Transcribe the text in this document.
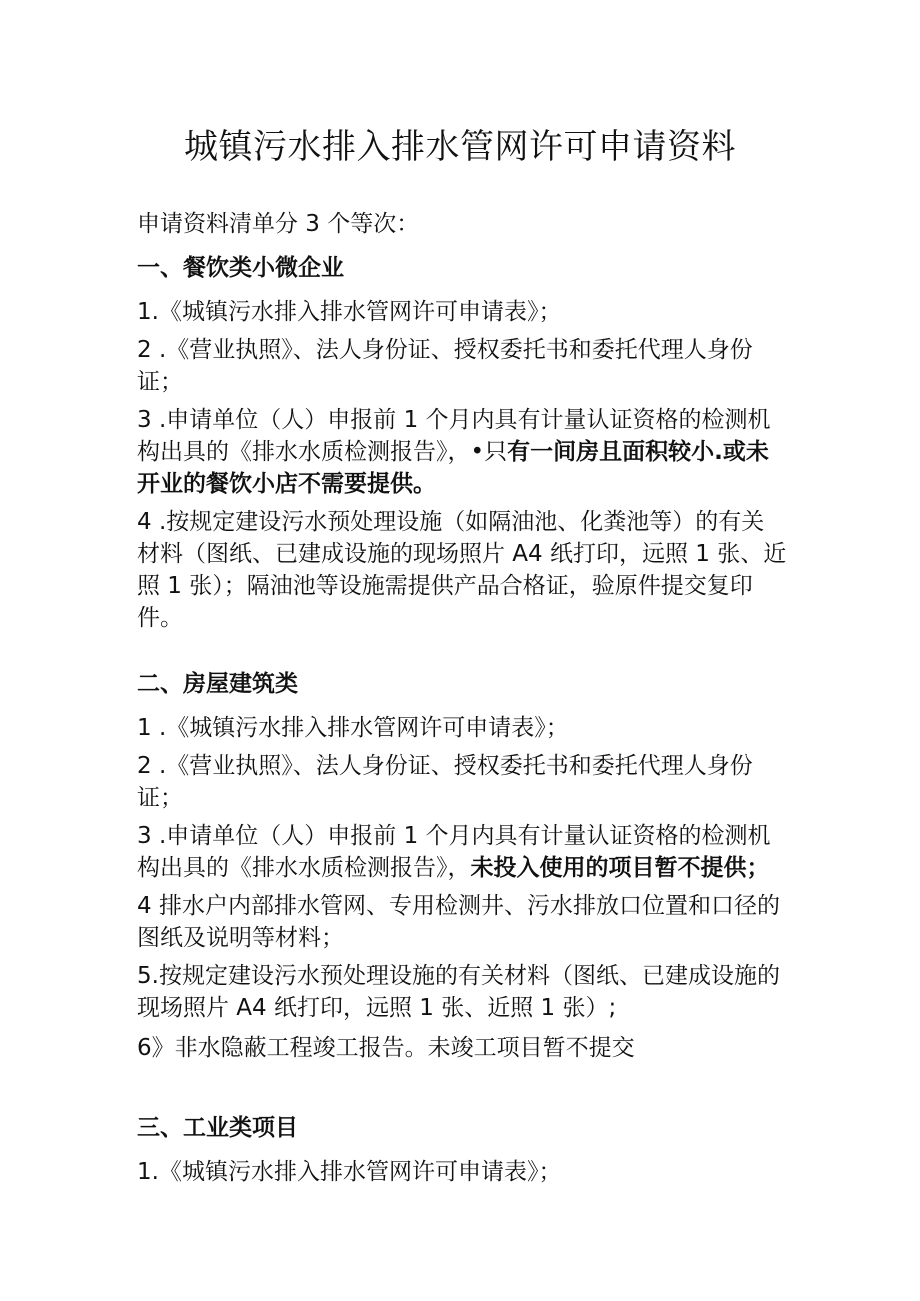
城镇污水排入排水管网许可申请资料

申请资料清单分 3 个等次：

一、餐饮类小微企业

1.《城镇污水排入排水管网许可申请表》；

2 .《营业执照》、法人身份证、授权委托书和委托代理人身份证；

3 .申请单位（人）申报前 1 个月内具有计量认证资格的检测机构出具的《排水水质检测报告》，•只有一间房且面积较小.或未开业的餐饮小店不需要提供。

4 .按规定建设污水预处理设施（如隔油池、化粪池等）的有关材料（图纸、已建成设施的现场照片 A4 纸打印，远照 1 张、近照 1 张）；隔油池等设施需提供产品合格证，验原件提交复印件。

二、房屋建筑类

1 .《城镇污水排入排水管网许可申请表》；

2 .《营业执照》、法人身份证、授权委托书和委托代理人身份证；

3 .申请单位（人）申报前 1 个月内具有计量认证资格的检测机构出具的《排水水质检测报告》，未投入使用的项目暂不提供；

4 排水户内部排水管网、专用检测井、污水排放口位置和口径的图纸及说明等材料；

5.按规定建设污水预处理设施的有关材料（图纸、已建成设施的现场照片 A4 纸打印，远照 1 张、近照 1 张）;

6》非水隐蔽工程竣工报告。未竣工项目暂不提交

三、工业类项目

1.《城镇污水排入排水管网许可申请表》；
